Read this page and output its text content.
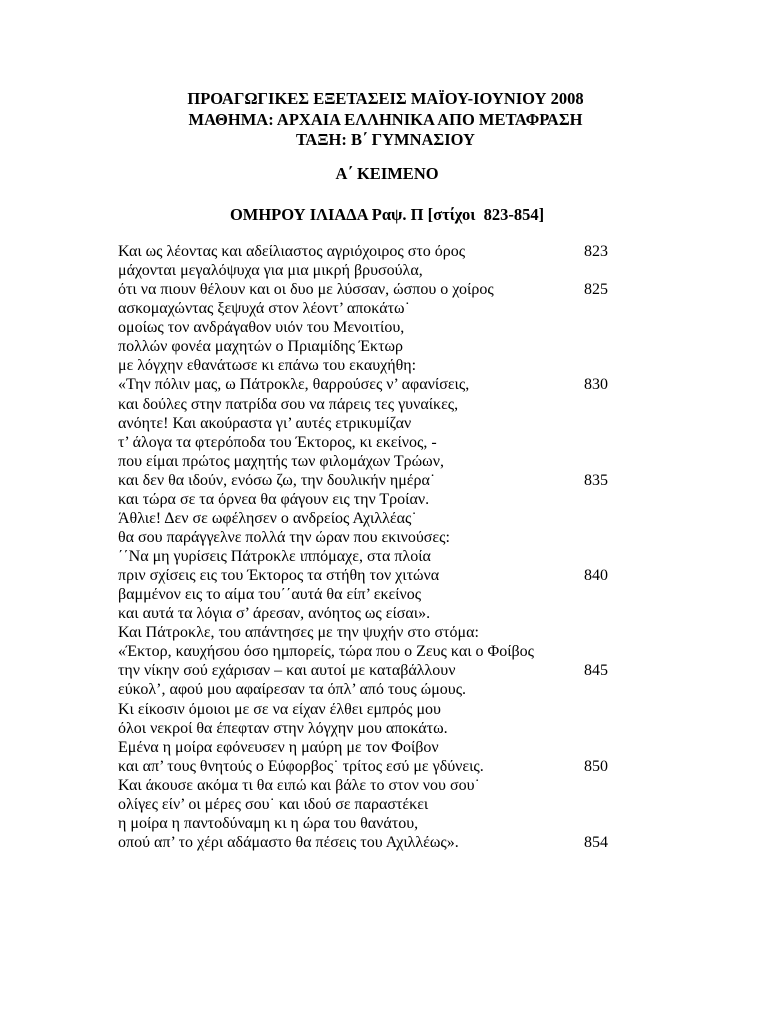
ΠΡΟΑΓΩΓΙΚΕΣ ΕΞΕΤΑΣΕΙΣ ΜΑΪΟΥ-ΙΟΥΝΙΟΥ 2008
ΜΑΘΗΜΑ: ΑΡΧΑΙΑ ΕΛΛΗΝΙΚΑ ΑΠΟ ΜΕΤΑΦΡΑΣΗ
ΤΑΞΗ: Β΄ ΓΥΜΝΑΣΙΟΥ
Α΄ ΚΕΙΜΕΝΟ
ΟΜΗΡΟΥ ΙΛΙΑΔΑ Ραψ. Π [στίχοι  823-854]
Και ως λέοντας και αδείλιαστος αγριόχοιρος στο όρος	823
μάχονται μεγαλόψυχα για μια μικρή βρυσούλα,
ότι να πιουν θέλουν και οι δυο με λύσσαν, ώσπου ο χοίρος	825
ασκομαχώντας ξεψυχά στον λέοντ’ αποκάτω˙
ομοίως τον ανδράγαθον υιόν του Μενοιτίου,
πολλών φονέα μαχητών ο Πριαμίδης Έκτωρ
με λόγχην εθανάτωσε κι επάνω του εκαυχήθη:
«Την πόλιν μας, ω Πάτροκλε, θαρρούσες ν’ αφανίσεις,	830
και δούλες στην πατρίδα σου να πάρεις τες γυναίκες,
ανόητε! Και ακούραστα γι’ αυτές ετρικυμίζαν
τ’ άλογα τα φτερόποδα του Έκτορος, κι εκείνος, -
που είμαι πρώτος μαχητής των φιλομάχων Τρώων,
και δεν θα ιδούν, ενόσω ζω, την δουλικήν ημέρα˙	835
και τώρα σε τα όρνεα θα φάγουν εις την Τροίαν.
Άθλιε! Δεν σε ωφέλησεν ο ανδρείος Αχιλλέας˙
θα σου παράγγελνε πολλά την ώραν που εκινούσες:
΄΄Να μη γυρίσεις Πάτροκλε ιππόμαχε, στα πλοία
πριν σχίσεις εις του Έκτορος τα στήθη τον χιτώνα	840
βαμμένον εις το αίμα του΄΄αυτά θα είπ’ εκείνος
και αυτά τα λόγια σ’ άρεσαν, ανόητος ως είσαι».
Και Πάτροκλε, του απάντησες με την ψυχήν στο στόμα:
«Έκτορ, καυχήσου όσο ημπορείς, τώρα που ο Ζευς και ο Φοίβος
την νίκην σού εχάρισαν – και αυτοί με καταβάλλουν	845
εύκολ’, αφού μου αφαίρεσαν τα όπλ’ από τους ώμους.
Κι είκοσιν όμοιοι με σε να είχαν έλθει εμπρός μου
όλοι νεκροί θα έπεφταν στην λόγχην μου αποκάτω.
Εμένα η μοίρα εφόνευσεν η μαύρη με τον Φοίβον
και απ’ τους θνητούς ο Εύφορβος˙ τρίτος εσύ με γδύνεις.	850
Και άκουσε ακόμα τι θα ειπώ και βάλε το στον νου σου˙
ολίγες είν’ οι μέρες σου˙ και ιδού σε παραστέκει
η μοίρα η παντοδύναμη κι η ώρα του θανάτου,
οπού απ’ το χέρι αδάμαστο θα πέσεις του Αχιλλέως».	854
